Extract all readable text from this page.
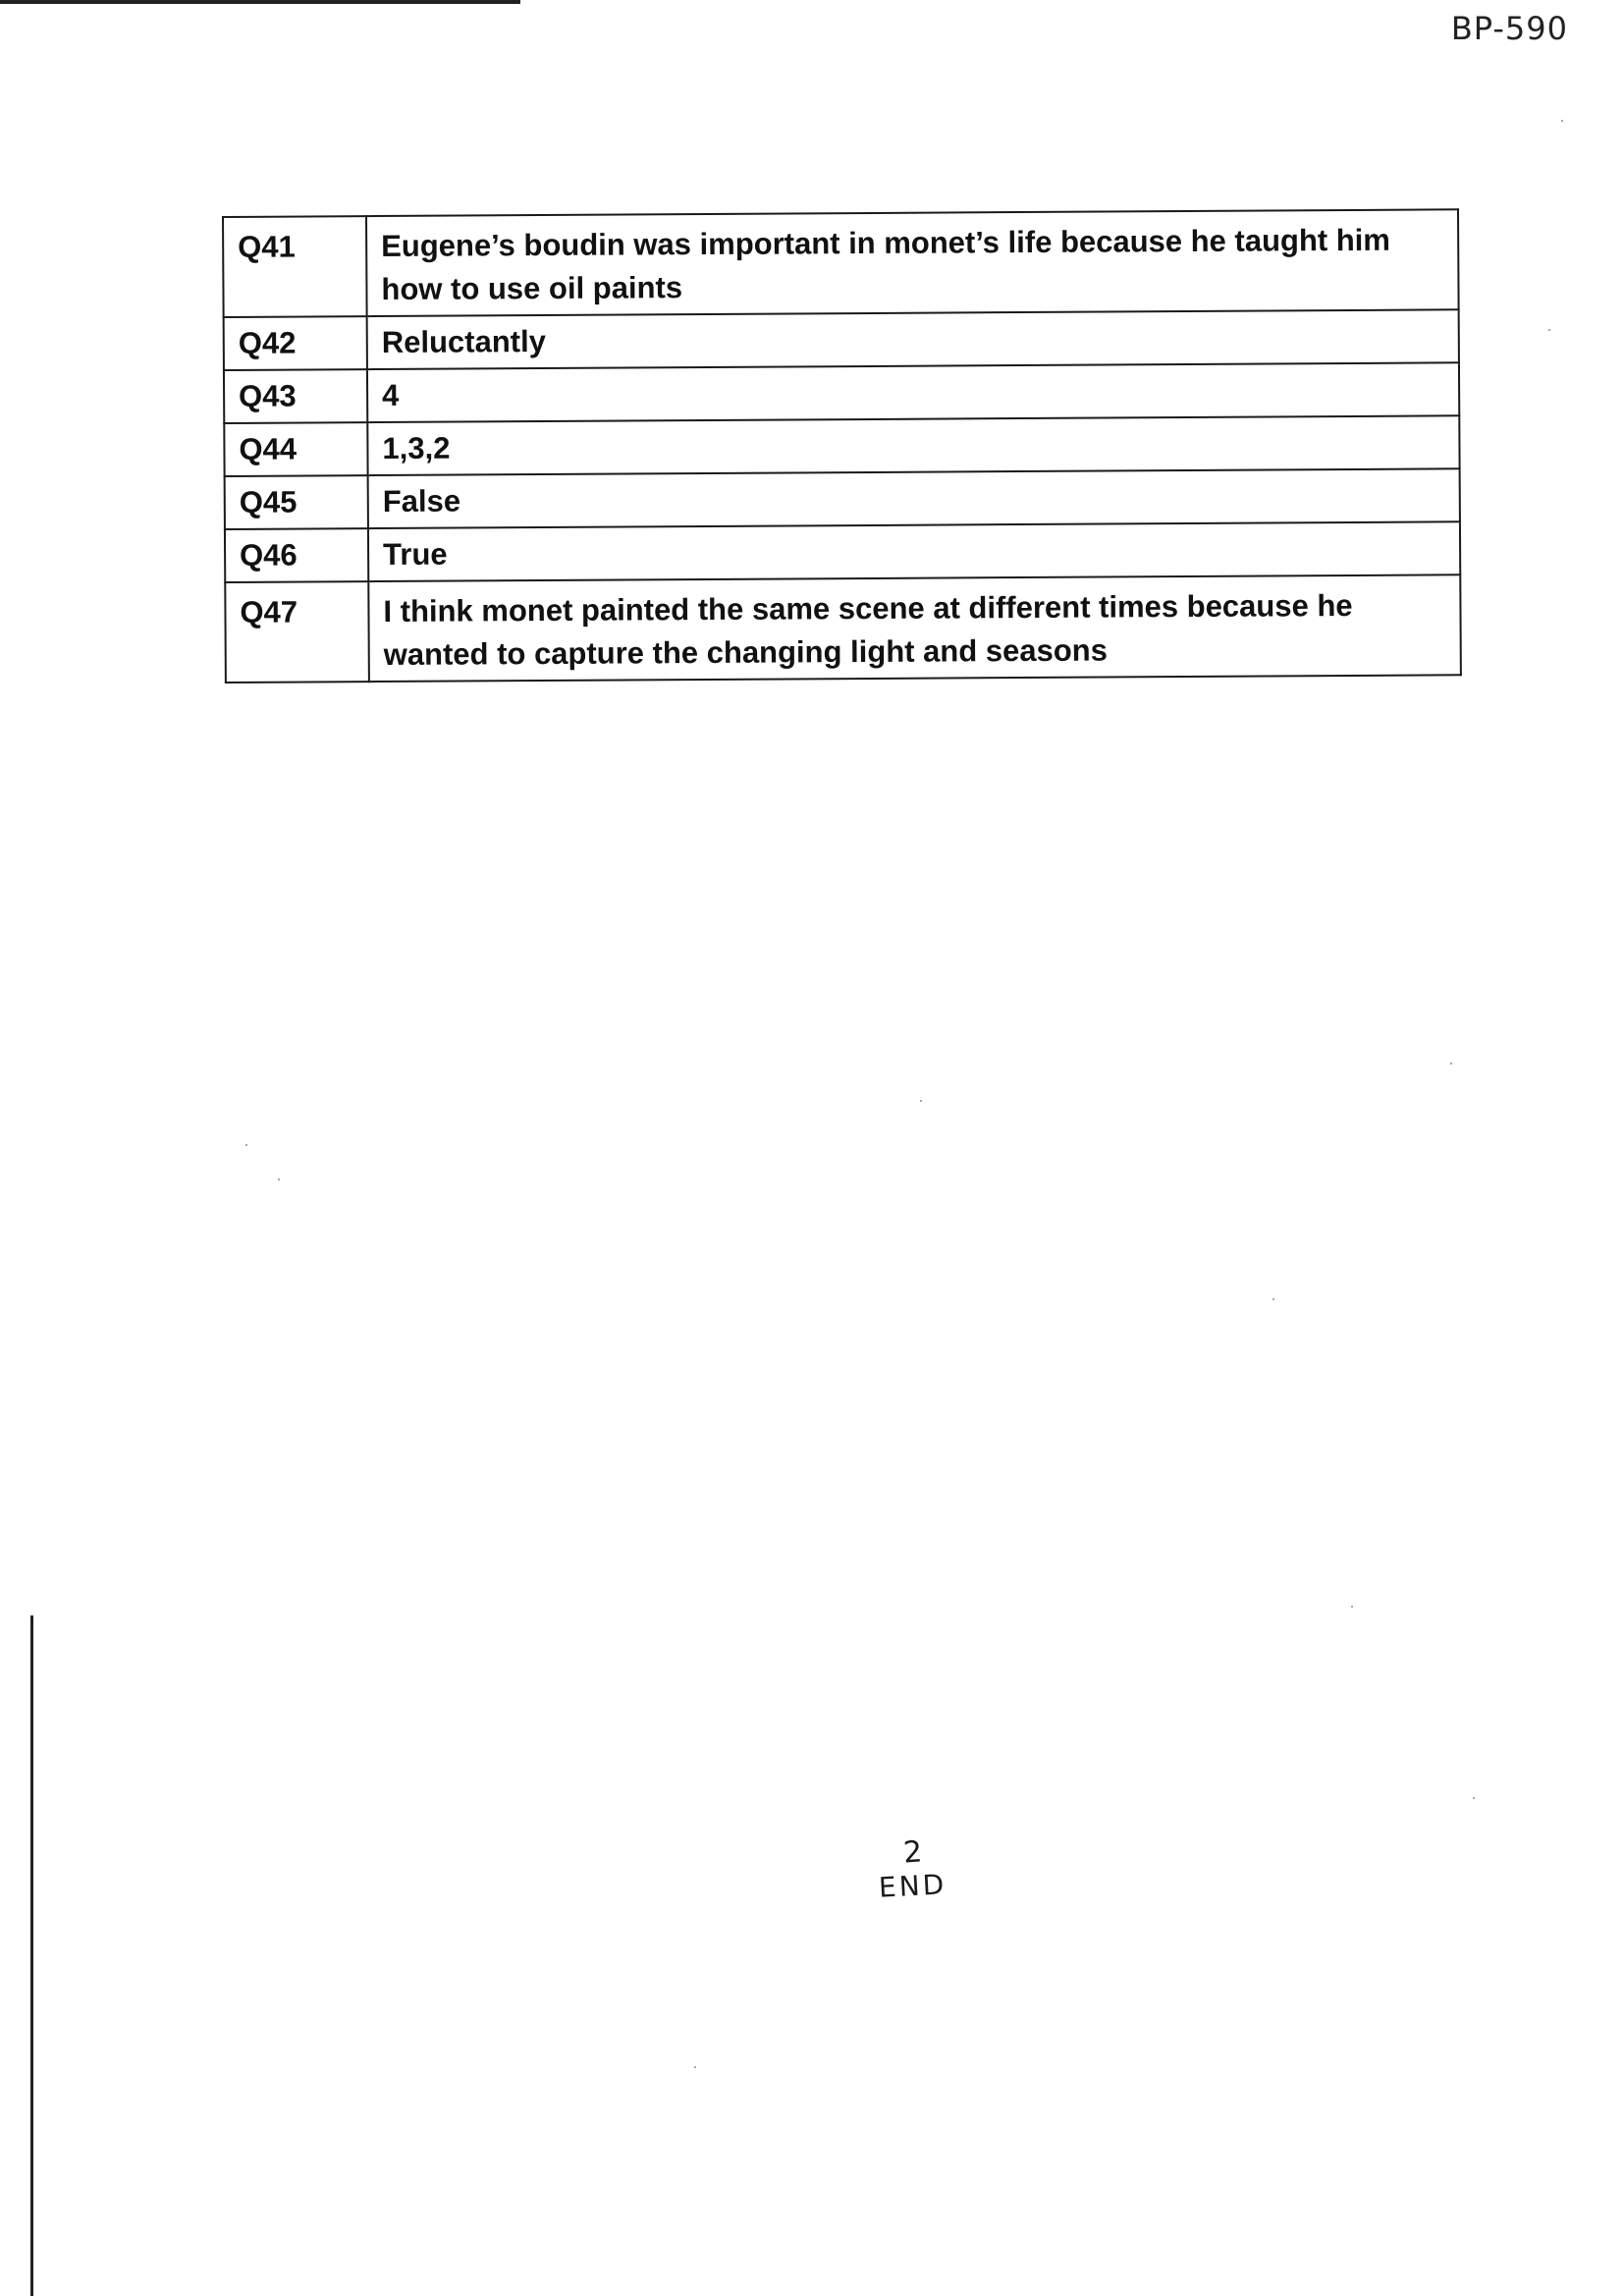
BP-590
Q41	Eugene’s boudin was important in monet’s life because he taught him how to use oil paints
Q42	Reluctantly
Q43	4
Q44	1,3,2
Q45	False
Q46	True
Q47	I think monet painted the same scene at different times because he wanted to capture the changing light and seasons
2
END
